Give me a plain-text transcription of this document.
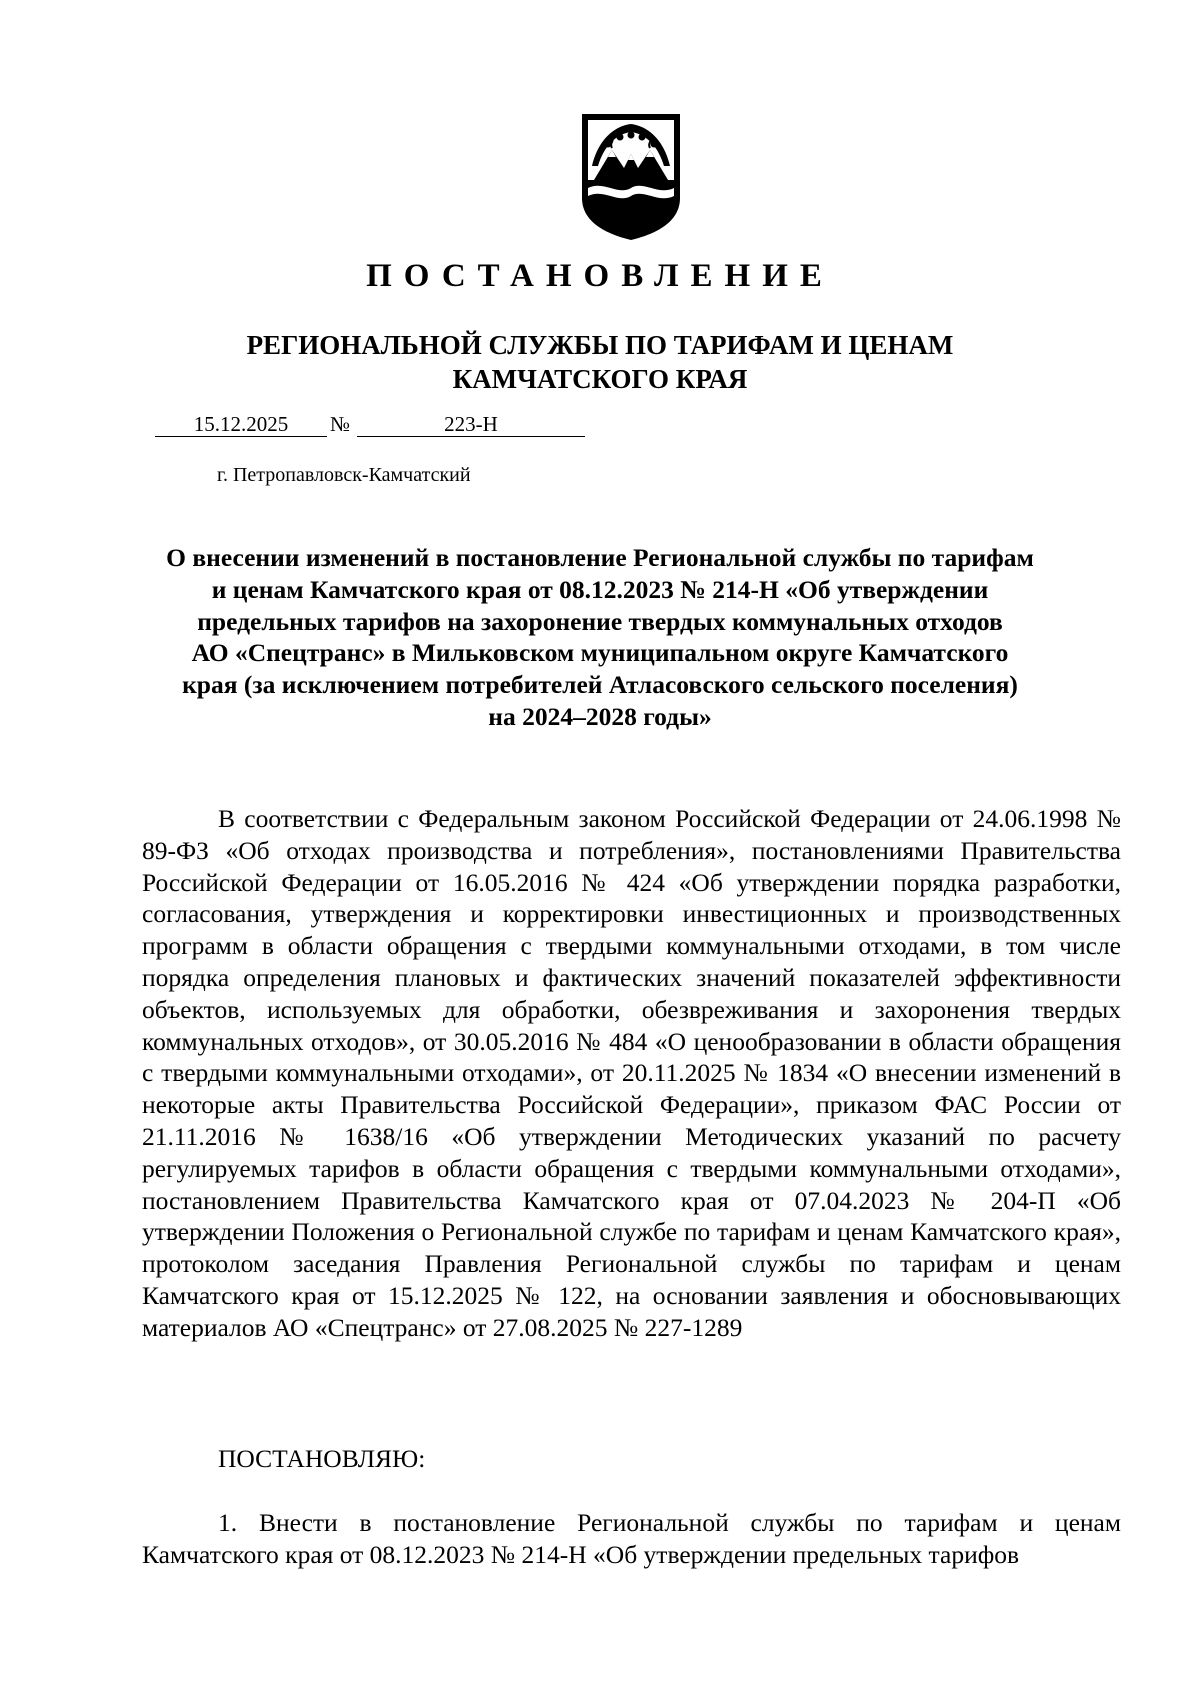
ПОСТАНОВЛЕНИЕ
РЕГИОНАЛЬНОЙ СЛУЖБЫ ПО ТАРИФАМ И ЦЕНАМ
КАМЧАТСКОГО КРАЯ
15.12.2025	№	223-Н
г. Петропавловск-Камчатский
О внесении изменений в постановление Региональной службы по тарифам
и ценам Камчатского края от 08.12.2023 № 214-Н «Об утверждении
предельных тарифов на захоронение твердых коммунальных отходов
АО «Спецтранс» в Мильковском муниципальном округе Камчатского
края (за исключением потребителей Атласовского сельского поселения)
на 2024–2028 годы»
В соответствии с Федеральным законом Российской Федерации от 24.06.1998 № 89-ФЗ «Об отходах производства и потребления», постановлениями Правительства Российской Федерации от 16.05.2016 № 424 «Об утверждении порядка разработки, согласования, утверждения и корректировки инвестиционных и производственных программ в области обращения с твердыми коммунальными отходами, в том числе порядка определения плановых и фактических значений показателей эффективности объектов, используемых для обработки, обезвреживания и захоронения твердых коммунальных отходов», от 30.05.2016 № 484 «О ценообразовании в области обращения с твердыми коммунальными отходами», от 20.11.2025 № 1834 «О внесении изменений в некоторые акты Правительства Российской Федерации», приказом ФАС России от 21.11.2016 № 1638/16 «Об утверждении Методических указаний по расчету регулируемых тарифов в области обращения с твердыми коммунальными отходами», постановлением Правительства Камчатского края от 07.04.2023 № 204-П «Об утверждении Положения о Региональной службе по тарифам и ценам Камчатского края», протоколом заседания Правления Региональной службы по тарифам и ценам Камчатского края от 15.12.2025 № 122, на основании заявления и обосновывающих материалов АО «Спецтранс» от 27.08.2025 № 227-1289
ПОСТАНОВЛЯЮ:
1. Внести в постановление Региональной службы по тарифам и ценам Камчатского края от 08.12.2023 № 214-Н «Об утверждении предельных тарифов
